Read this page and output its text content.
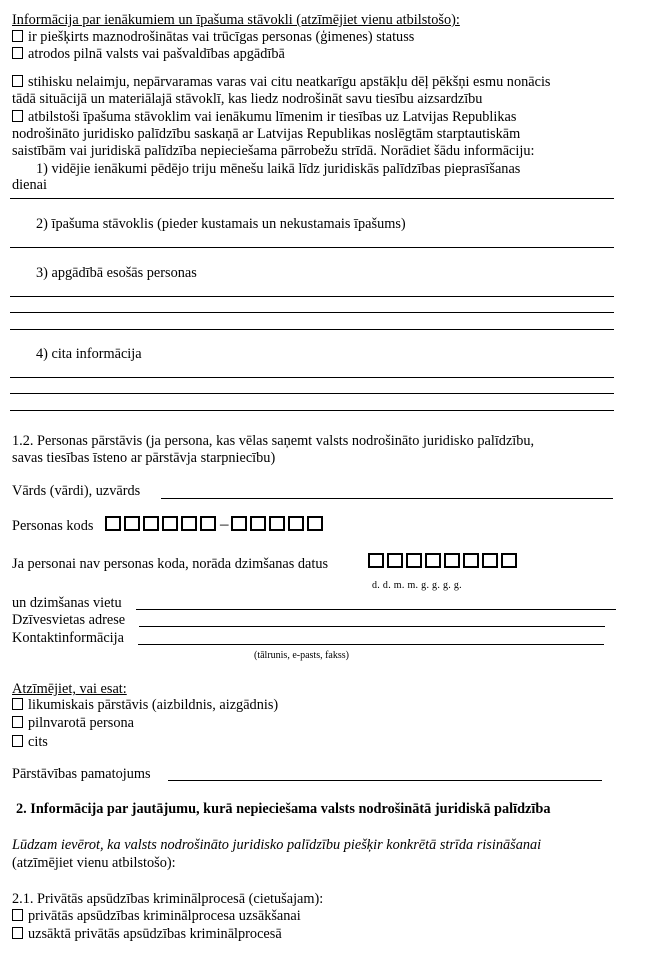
Informācija par ienākumiem un īpašuma stāvokli (atzīmējiet vienu atbilstošo):
ir piešķirts maznodrošinātas vai trūcīgas personas (ģimenes) statuss
atrodos pilnā valsts vai pašvaldības apgādībā
stihisku nelaimju, nepārvaramas varas vai citu neatkarīgu apstākļu dēļ pēkšņi esmu nonācis
tādā situācijā un materiālajā stāvoklī, kas liedz nodrošināt savu tiesību aizsardzību
atbilstoši īpašuma stāvoklim vai ienākumu līmenim ir tiesības uz Latvijas Republikas
nodrošināto juridisko palīdzību saskaņā ar Latvijas Republikas noslēgtām starptautiskām
saistībām vai juridiskā palīdzība nepieciešama pārrobežu strīdā. Norādiet šādu informāciju:
1) vidējie ienākumi pēdējo triju mēnešu laikā līdz juridiskās palīdzības pieprasīšanas
dienai
2) īpašuma stāvoklis (pieder kustamais un nekustamais īpašums)
3) apgādībā esošās personas
4) cita informācija
1.2. Personas pārstāvis (ja persona, kas vēlas saņemt valsts nodrošināto juridisko palīdzību,
savas tiesības īsteno ar pārstāvja starpniecību)
Vārds (vārdi), uzvārds
Personas kods	–
Ja personai nav personas koda, norāda dzimšanas datus
d. d. m. m. g. g. g. g.
un dzimšanas vietu
Dzīvesvietas adrese
Kontaktinformācija
(tālrunis, e-pasts, fakss)
Atzīmējiet, vai esat:
likumiskais pārstāvis (aizbildnis, aizgādnis)
pilnvarotā persona
cits
Pārstāvības pamatojums
2. Informācija par jautājumu, kurā nepieciešama valsts nodrošinātā juridiskā palīdzība
Lūdzam ievērot, ka valsts nodrošināto juridisko palīdzību piešķir konkrētā strīda risināšanai
(atzīmējiet vienu atbilstošo):
2.1. Privātās apsūdzības kriminālprocesā (cietušajam):
privātās apsūdzības kriminālprocesa uzsākšanai
uzsāktā privātās apsūdzības kriminālprocesā
